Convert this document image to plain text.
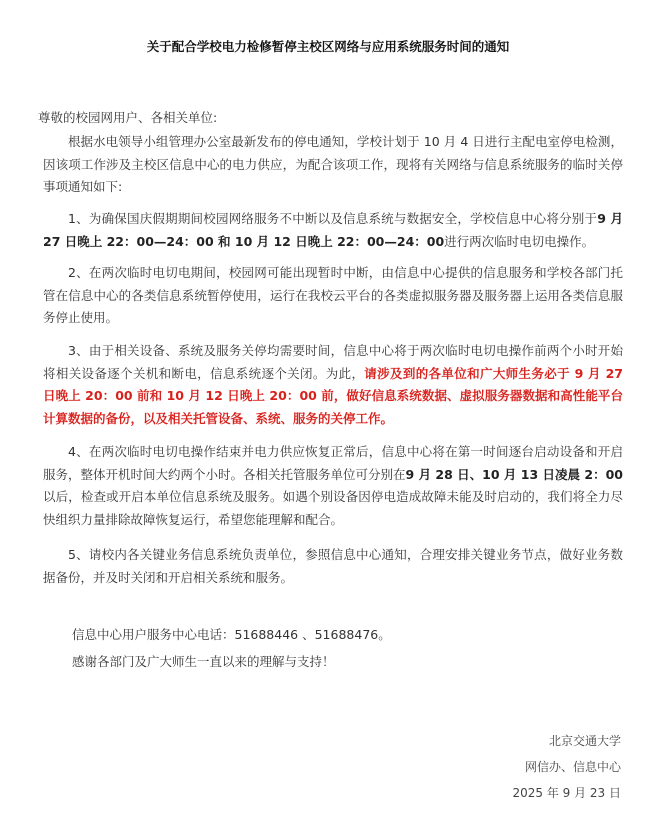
关于配合学校电力检修暂停主校区网络与应用系统服务时间的通知
尊敬的校园网用户、各相关单位:
根据水电领导小组管理办公室最新发布的停电通知，学校计划于 10 月 4 日进行主配电室停电检测，因该项工作涉及主校区信息中心的电力供应，为配合该项工作，现将有关网络与信息系统服务的临时关停事项通知如下:
1、为确保国庆假期期间校园网络服务不中断以及信息系统与数据安全，学校信息中心将分别于9 月 27 日晚上 22：00—24：00 和 10 月 12 日晚上 22：00—24：00进行两次临时电切电操作。
2、在两次临时电切电期间，校园网可能出现暂时中断，由信息中心提供的信息服务和学校各部门托管在信息中心的各类信息系统暂停使用，运行在我校云平台的各类虚拟服务器及服务器上运用各类信息服务停止使用。
3、由于相关设备、系统及服务关停均需要时间，信息中心将于两次临时电切电操作前两个小时开始将相关设备逐个关机和断电，信息系统逐个关闭。为此，请涉及到的各单位和广大师生务必于 9 月 27 日晚上 20：00 前和 10 月 12 日晚上 20：00 前，做好信息系统数据、虚拟服务器数据和高性能平台计算数据的备份，以及相关托管设备、系统、服务的关停工作。
4、在两次临时电切电操作结束并电力供应恢复正常后，信息中心将在第一时间逐台启动设备和开启服务，整体开机时间大约两个小时。各相关托管服务单位可分别在9 月 28 日、10 月 13 日凌晨 2：00以后，检查或开启本单位信息系统及服务。如遇个别设备因停电造成故障未能及时启动的，我们将全力尽快组织力量排除故障恢复运行，希望您能理解和配合。
5、请校内各关键业务信息系统负责单位，参照信息中心通知，合理安排关键业务节点，做好业务数据备份，并及时关闭和开启相关系统和服务。
信息中心用户服务中心电话：51688446 、51688476。
感谢各部门及广大师生一直以来的理解与支持！
北京交通大学
网信办、信息中心
2025 年 9 月 23 日
